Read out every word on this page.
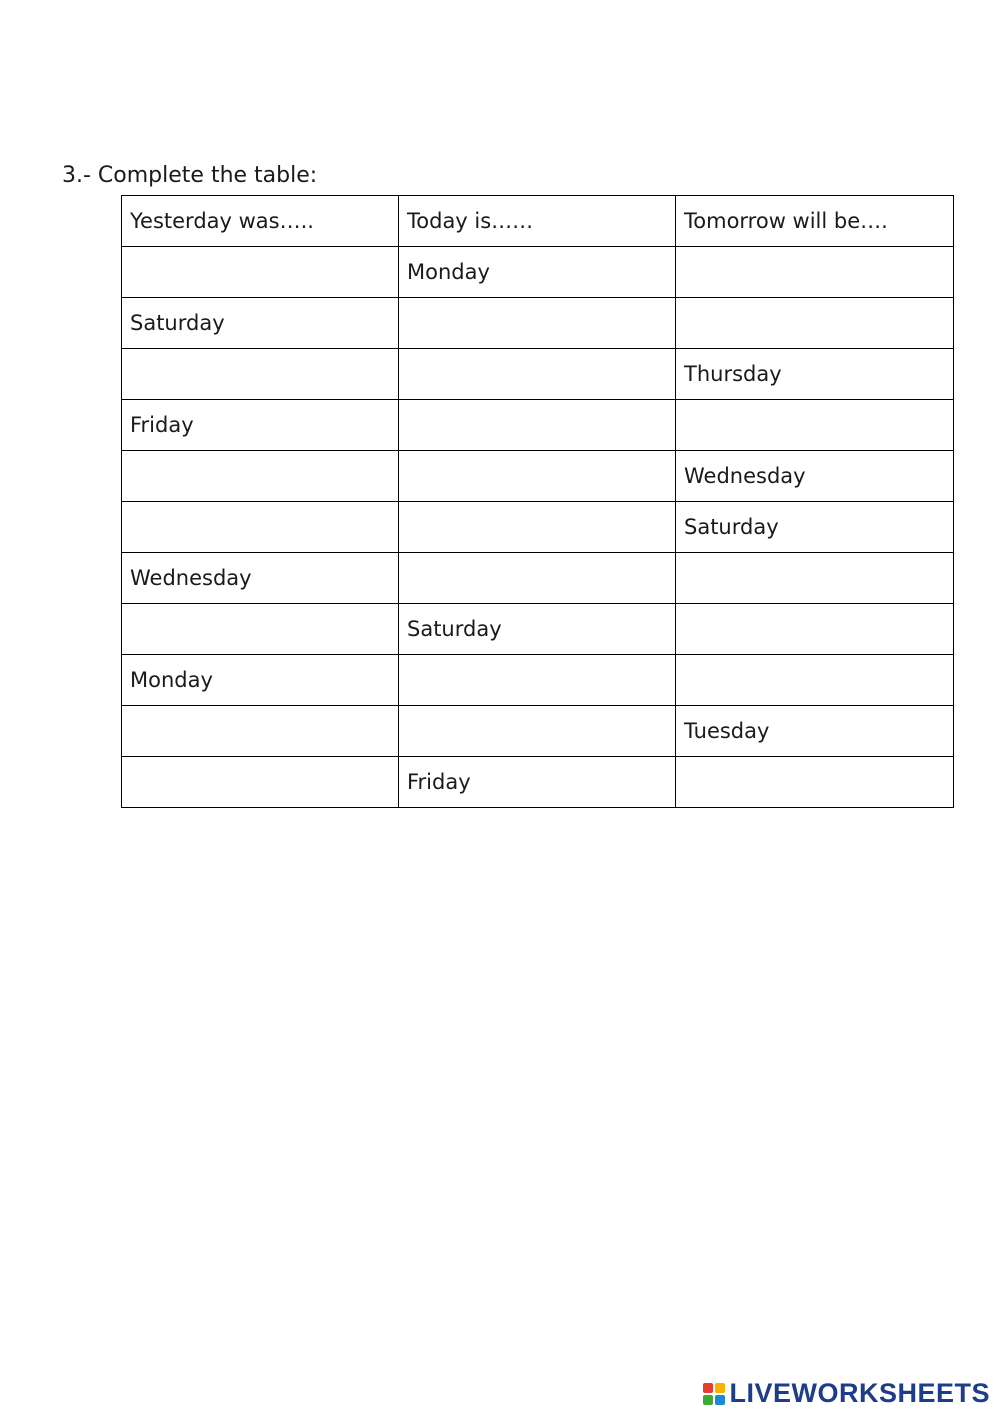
3.- Complete the table:
Yesterday was…..	Today is……	Tomorrow will be….
	Monday	
Saturday		
		Thursday
Friday		
		Wednesday
		Saturday
Wednesday		
	Saturday	
Monday		
		Tuesday
	Friday	
LIVEWORKSHEETS
